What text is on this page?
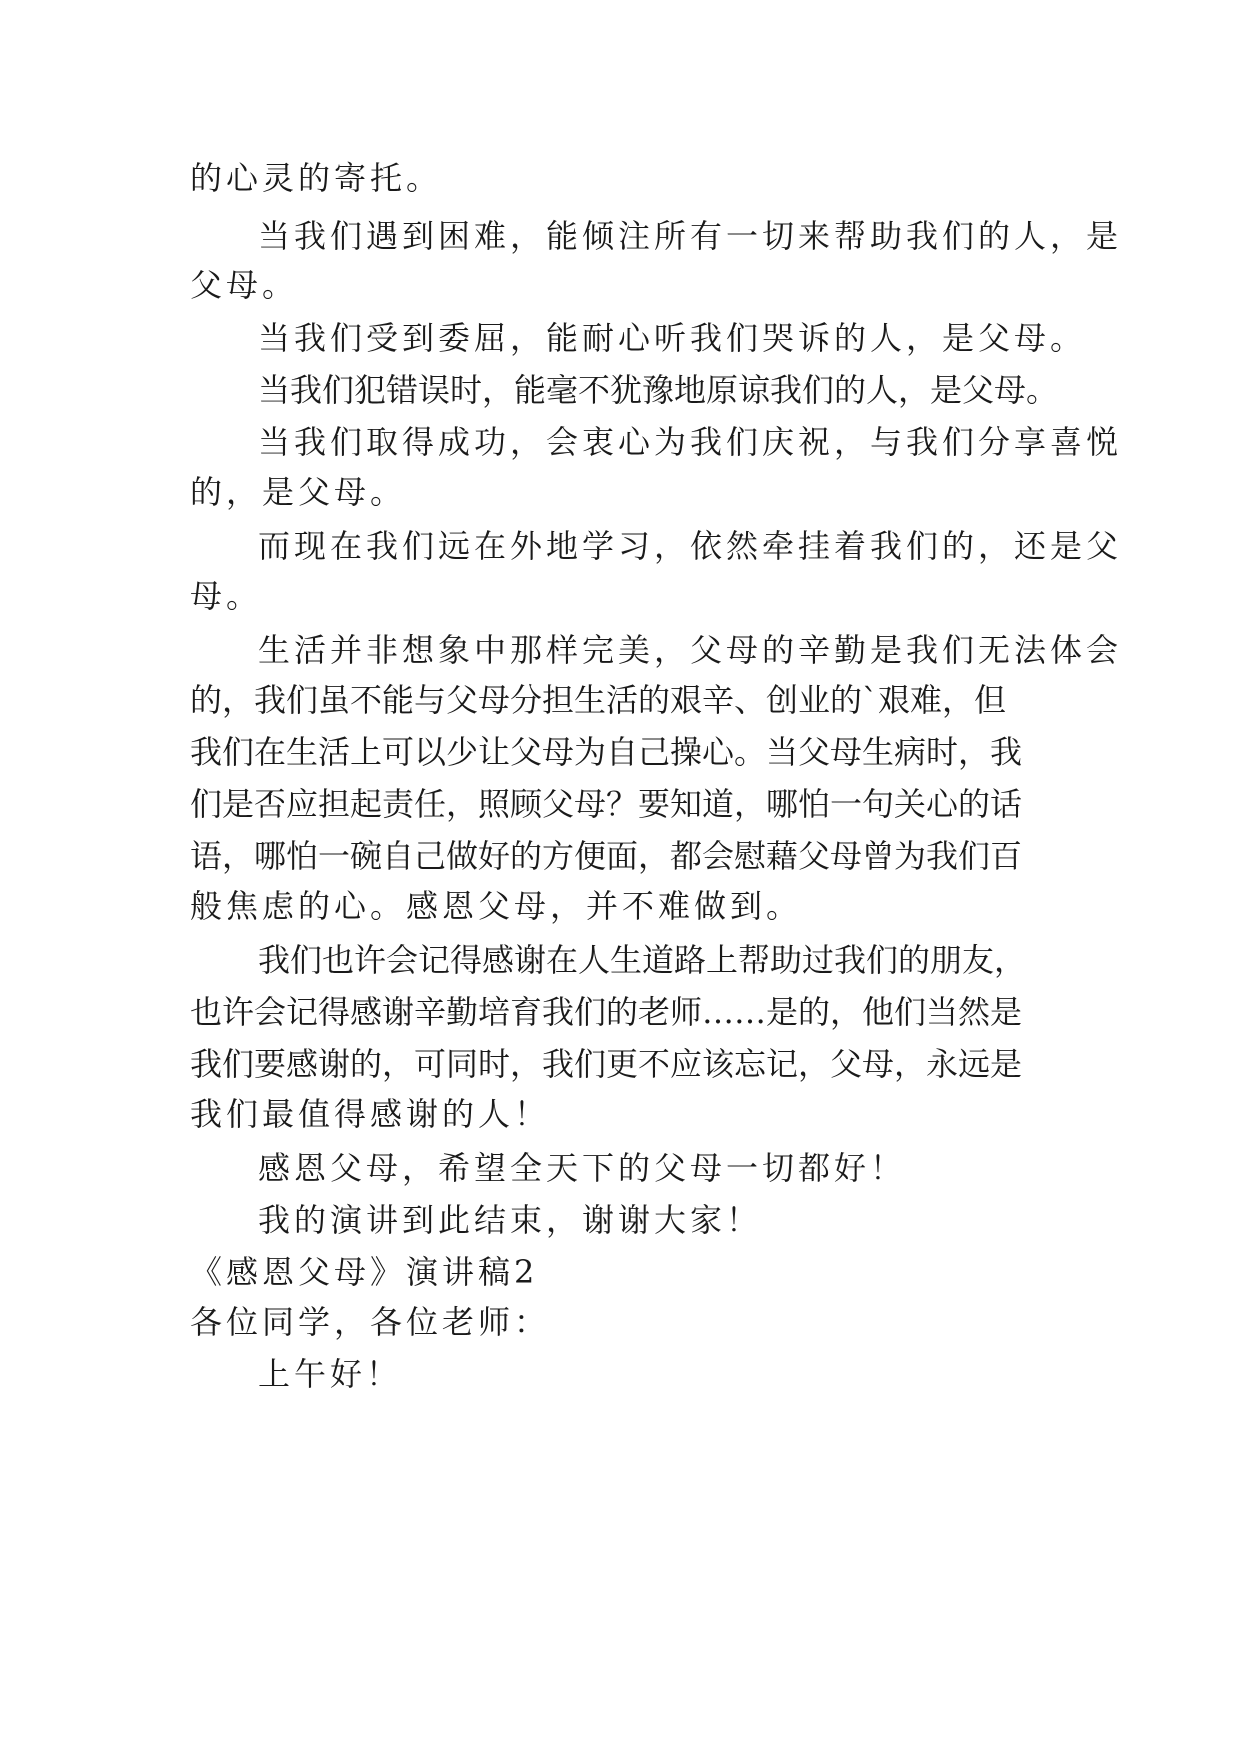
的心灵的寄托。
当我们遇到困难，能倾注所有一切来帮助我们的人，是
父母。
当我们受到委屈，能耐心听我们哭诉的人，是父母。
当我们犯错误时，能毫不犹豫地原谅我们的人，是父母。
当我们取得成功，会衷心为我们庆祝，与我们分享喜悦
的，是父母。
而现在我们远在外地学习，依然牵挂着我们的，还是父
母。
生活并非想象中那样完美，父母的辛勤是我们无法体会
的，我们虽不能与父母分担生活的艰辛、创业的`艰难，但
我们在生活上可以少让父母为自己操心。当父母生病时，我
们是否应担起责任，照顾父母？要知道，哪怕一句关心的话
语，哪怕一碗自己做好的方便面，都会慰藉父母曾为我们百
般焦虑的心。感恩父母，并不难做到。
我们也许会记得感谢在人生道路上帮助过我们的朋友，
也许会记得感谢辛勤培育我们的老师……是的，他们当然是
我们要感谢的，可同时，我们更不应该忘记，父母，永远是
我们最值得感谢的人！
感恩父母，希望全天下的父母一切都好！
我的演讲到此结束，谢谢大家！
《感恩父母》演讲稿2
各位同学，各位老师：
上午好！
